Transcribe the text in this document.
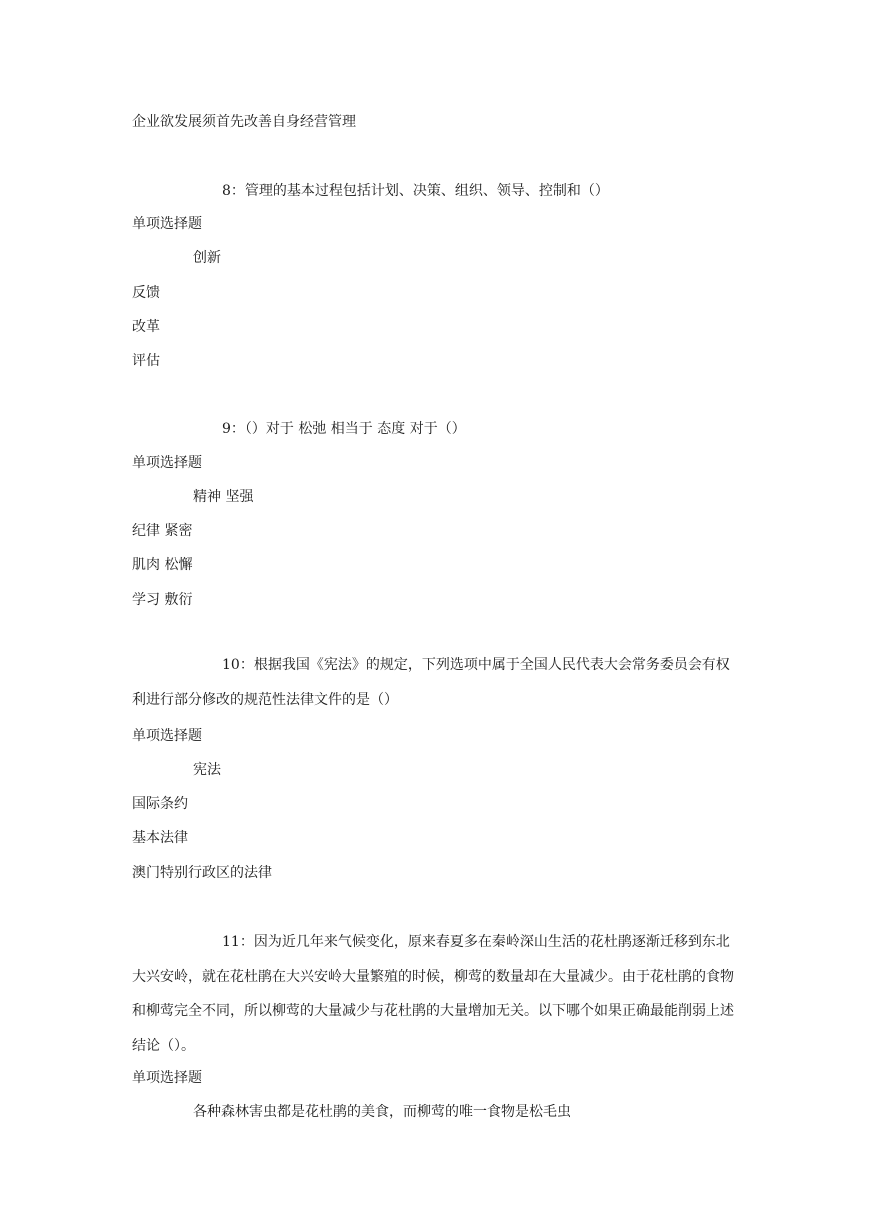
企业欲发展须首先改善自身经营管理
8：管理的基本过程包括计划、决策、组织、领导、控制和（）
单项选择题
创新
反馈
改革
评估
9：（）对于 松弛 相当于 态度 对于（）
单项选择题
精神 坚强
纪律 紧密
肌肉 松懈
学习 敷衍
10：根据我国《宪法》的规定，下列选项中属于全国人民代表大会常务委员会有权利进行部分修改的规范性法律文件的是（）
单项选择题
宪法
国际条约
基本法律
澳门特别行政区的法律
11：因为近几年来气候变化，原来春夏多在秦岭深山生活的花杜鹃逐渐迁移到东北大兴安岭，就在花杜鹃在大兴安岭大量繁殖的时候，柳莺的数量却在大量减少。由于花杜鹃的食物和柳莺完全不同，所以柳莺的大量减少与花杜鹃的大量增加无关。以下哪个如果正确最能削弱上述结论（）。
单项选择题
各种森林害虫都是花杜鹃的美食，而柳莺的唯一食物是松毛虫
